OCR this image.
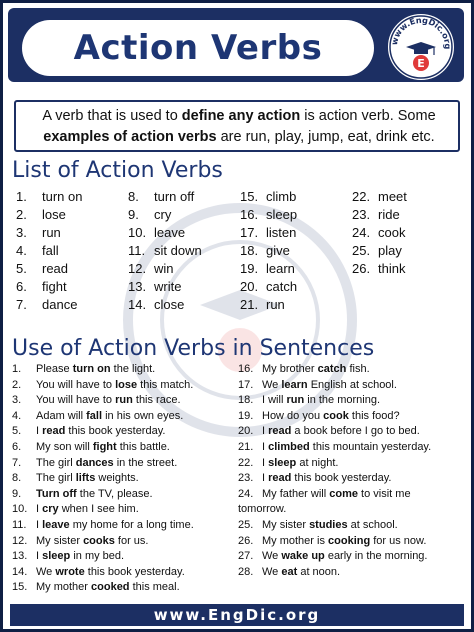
Action Verbs	www.EngDic.org
E
A verb that is used to define any action is action verb. Some examples of action verbs are run, play, jump, eat, drink etc.
List of Action Verbs
1. turn on
2. lose
3. run
4. fall
5. read
6. fight
7. dance
8. turn off
9. cry
10. leave
11. sit down
12. win
13. write
14. close
15. climb
16. sleep
17. listen
18. give
19. learn
20. catch
21. run
22. meet
23. ride
24. cook
25. play
26. think
Use of Action Verbs in Sentences
1. Please turn on the light.
2. You will have to lose this match.
3. You will have to run this race.
4. Adam will fall in his own eyes.
5. I read this book yesterday.
6. My son will fight this battle.
7. The girl dances in the street.
8. The girl lifts weights.
9. Turn off the TV, please.
10. I cry when I see him.
11. I leave my home for a long time.
12. My sister cooks for us.
13. I sleep in my bed.
14. We wrote this book yesterday.
15. My mother cooked this meal.
16. My brother catch fish.
17. We learn English at school.
18. I will run in the morning.
19. How do you cook this food?
20. I read a book before I go to bed.
21. I climbed this mountain yesterday.
22. I sleep at night.
23. I read this book yesterday.
24. My father will come to visit me
tomorrow.
25. My sister studies at school.
26. My mother is cooking for us now.
27. We wake up early in the morning.
28. We eat at noon.
www.EngDic.org
